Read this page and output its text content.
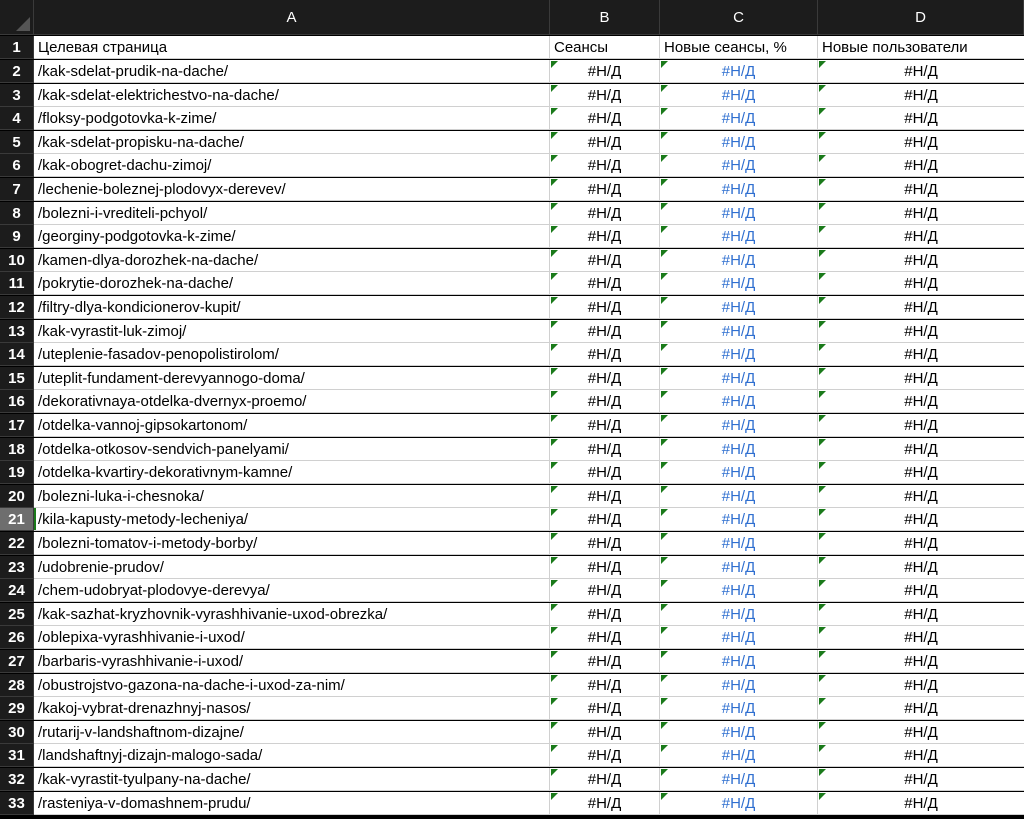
A	B	C	D
1	Целевая страница	Сеансы	Новые сеансы, %	Новые пользователи
2	/kak-sdelat-prudik-na-dache/	#Н/Д	#Н/Д	#Н/Д
3	/kak-sdelat-elektrichestvo-na-dache/	#Н/Д	#Н/Д	#Н/Д
4	/floksy-podgotovka-k-zime/	#Н/Д	#Н/Д	#Н/Д
5	/kak-sdelat-propisku-na-dache/	#Н/Д	#Н/Д	#Н/Д
6	/kak-obogret-dachu-zimoj/	#Н/Д	#Н/Д	#Н/Д
7	/lechenie-boleznej-plodovyx-derevev/	#Н/Д	#Н/Д	#Н/Д
8	/bolezni-i-vrediteli-pchyol/	#Н/Д	#Н/Д	#Н/Д
9	/georginy-podgotovka-k-zime/	#Н/Д	#Н/Д	#Н/Д
10 /kamen-dlya-dorozhek-na-dache/	#Н/Д	#Н/Д	#Н/Д
11 /pokrytie-dorozhek-na-dache/	#Н/Д	#Н/Д	#Н/Д
12 /filtry-dlya-kondicionerov-kupit/	#Н/Д	#Н/Д	#Н/Д
13 /kak-vyrastit-luk-zimoj/	#Н/Д	#Н/Д	#Н/Д
14 /uteplenie-fasadov-penopolistirolom/	#Н/Д	#Н/Д	#Н/Д
15 /uteplit-fundament-derevyannogo-doma/	#Н/Д	#Н/Д	#Н/Д
16 /dekorativnaya-otdelka-dvernyx-proemo/	#Н/Д	#Н/Д	#Н/Д
17 /otdelka-vannoj-gipsokartonom/	#Н/Д	#Н/Д	#Н/Д
18 /otdelka-otkosov-sendvich-panelyami/	#Н/Д	#Н/Д	#Н/Д
19 /otdelka-kvartiry-dekorativnym-kamne/	#Н/Д	#Н/Д	#Н/Д
20 /bolezni-luka-i-chesnoka/	#Н/Д	#Н/Д	#Н/Д
21 /kila-kapusty-metody-lecheniya/	#Н/Д	#Н/Д	#Н/Д
22 /bolezni-tomatov-i-metody-borby/	#Н/Д	#Н/Д	#Н/Д
23 /udobrenie-prudov/	#Н/Д	#Н/Д	#Н/Д
24 /chem-udobryat-plodovye-derevya/	#Н/Д	#Н/Д	#Н/Д
25 /kak-sazhat-kryzhovnik-vyrashhivanie-uxod-obrezka/	#Н/Д	#Н/Д	#Н/Д
26 /oblepixa-vyrashhivanie-i-uxod/	#Н/Д	#Н/Д	#Н/Д
27 /barbaris-vyrashhivanie-i-uxod/	#Н/Д	#Н/Д	#Н/Д
28 /obustrojstvo-gazona-na-dache-i-uxod-za-nim/	#Н/Д	#Н/Д	#Н/Д
29 /kakoj-vybrat-drenazhnyj-nasos/	#Н/Д	#Н/Д	#Н/Д
30 /rutarij-v-landshaftnom-dizajne/	#Н/Д	#Н/Д	#Н/Д
31 /landshaftnyj-dizajn-malogo-sada/	#Н/Д	#Н/Д	#Н/Д
32 /kak-vyrastit-tyulpany-na-dache/	#Н/Д	#Н/Д	#Н/Д
33 /rasteniya-v-domashnem-prudu/	#Н/Д	#Н/Д	#Н/Д
